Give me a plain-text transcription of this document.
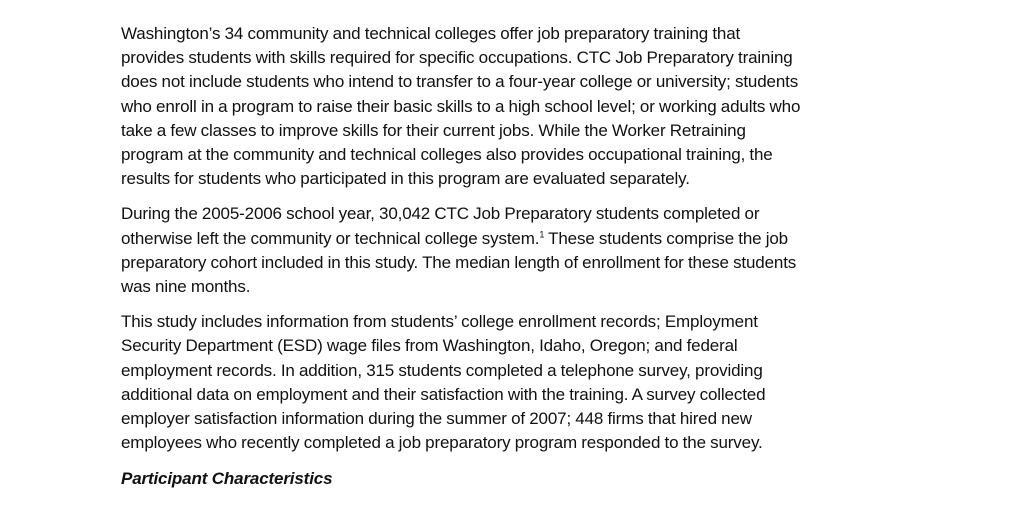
Washington’s 34 community and technical colleges offer job preparatory training that
provides students with skills required for specific occupations. CTC Job Preparatory training
does not include students who intend to transfer to a four-year college or university; students
who enroll in a program to raise their basic skills to a high school level; or working adults who
take a few classes to improve skills for their current jobs. While the Worker Retraining
program at the community and technical colleges also provides occupational training, the
results for students who participated in this program are evaluated separately.

During the 2005-2006 school year, 30,042 CTC Job Preparatory students completed or
otherwise left the community or technical college system.$^1$ These students comprise the job
preparatory cohort included in this study. The median length of enrollment for these students
was nine months.

This study includes information from students’ college enrollment records; Employment
Security Department (ESD) wage files from Washington, Idaho, Oregon; and federal
employment records. In addition, 315 students completed a telephone survey, providing
additional data on employment and their satisfaction with the training. A survey collected
employer satisfaction information during the summer of 2007; 448 firms that hired new
employees who recently completed a job preparatory program responded to the survey.

Participant Characteristics
